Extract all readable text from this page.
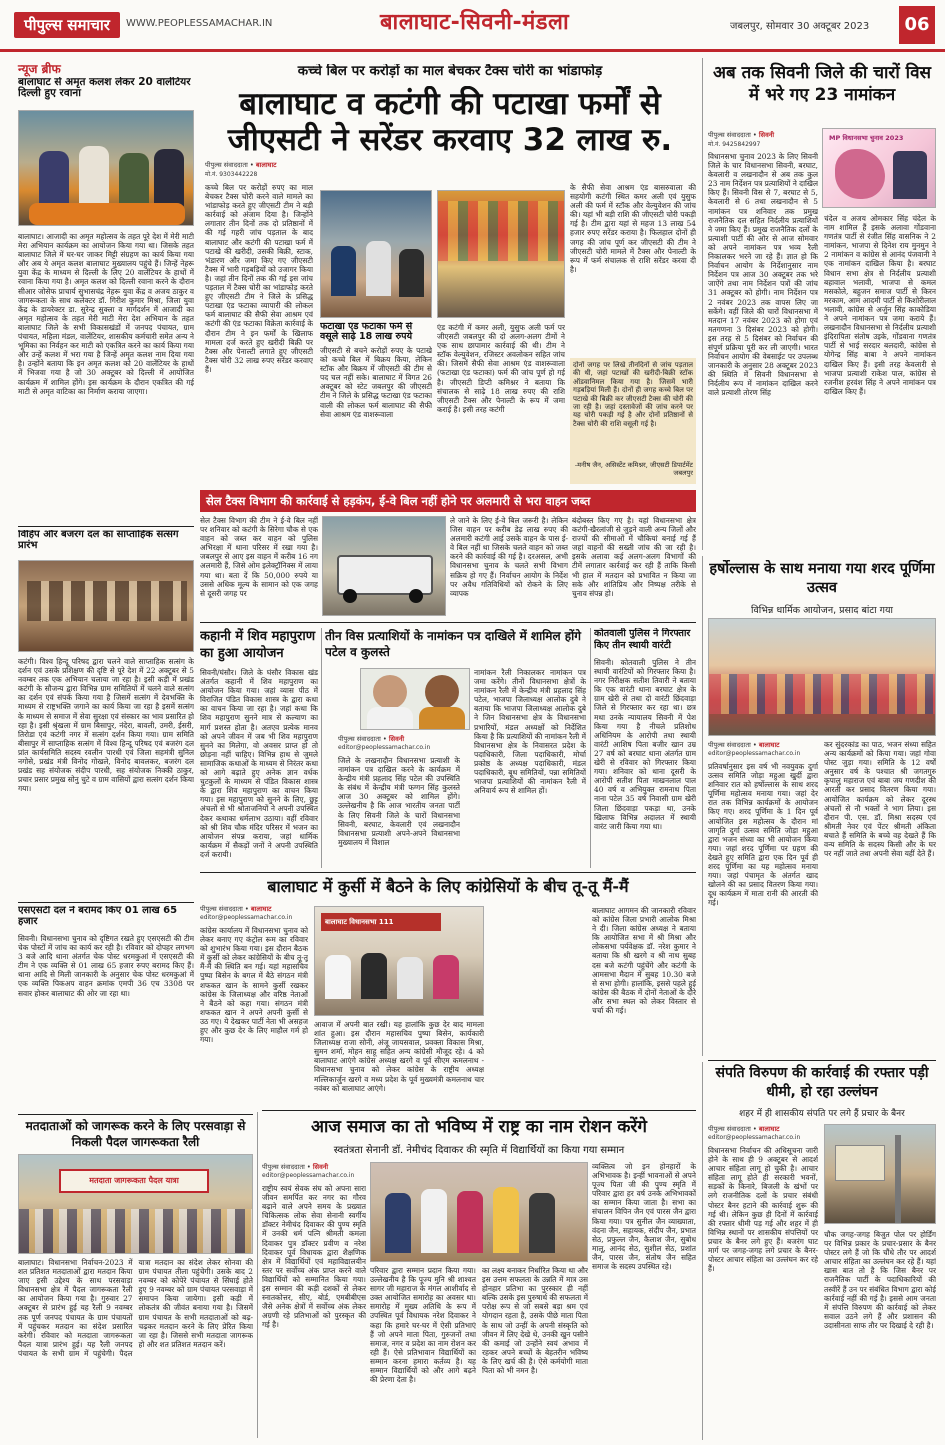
पीपुल्स समाचार	WWW.PEOPLESSAMACHAR.IN	बालाघाट-सिवनी-मंडला	जबलपुर, सोमवार 30 अक्टूबर 2023	06
न्यूज ब्रीफ
बालाघाट से अमृत कलश लेकर 20 वालेंटियर दिल्ली हुए रवाना
बालाघाट। आजादी का अमृत महोत्सव के तहत पूरे देश में मेरी माटी मेरा अभियान कार्यक्रम का आयोजन किया गया था। जिसके तहत बालाघाट जिले में घर-घर जाकर मिट्टी संग्रहण का कार्य किया गया और अब ये अमृत कलश बालाघाट मुख्यालय पहुंचे हैं। जिन्हें नेहरू युवा केंद्र के माध्यम से दिल्ली के लिए 20 वालेंटियर के हाथों में रवाना किया गया है। अमृत कलश को दिल्ली रवाना करने के दौरान सीआर जोसेफ प्राचार्य सुभासचंद्र नेहरू युवा केंद्र व अजय ठाकुर व जागरूकता के साथ कलेक्टर डॉ. गिरीश कुमार मिश्रा, जिला युवा केंद्र के डायरेक्टर डा. सुरेन्द्र सुक्ला व मार्गदर्शन में आजादी का अमृत महोत्सव के तहत मेरी माटी मेरा देश अभियान के तहत बालाघाट जिले के सभी विकासखंडों में जनपद पंचायत, ग्राम पंचायत, महिला मंडल, वालेंटियर, शासकीय कर्मचारी समेत अन्य ने भूमिका का निर्वहन कर माटी को एकत्रित करने का कार्य किया गया और उन्हें कलश में भरा गया है जिन्हें अमृत कलश नाम दिया गया है। उन्होंने बताया कि इन अमृत कलश को 20 वालेंटियर के हाथों में भिजवा गया है जो 30 अक्टूबर को दिल्ली में आयोजित कार्यक्रम में शामिल होंगे। इस कार्यक्रम के दौरान एकत्रित की गई माटी से अमृत वाटिका का निर्माण कराया जाएगा।
विहिप और बजरंग दल का साप्ताहिक सत्संग प्रारंभ
कटंगी। विश्व हिन्दू परिषद द्वारा चलने वाले साप्ताहिक सत्संग के दर्शन एवं उसके प्रशिक्षण की दृष्टि से पूरे देश में 22 अक्टूबर से 5 नवम्बर तक एक अभियान चलाया जा रहा है। इसी कड़ी में प्रखंड कटंगी के सौजन्य द्वारा विभिन्न ग्राम समितियों में चलने वाले सत्संग का दर्शन एवं संपर्क किया गया है जिसमें सत्संग में देवभक्ति के माध्यम से राष्ट्रभक्ति जगाने का कार्य किया जा रहा है इसमें सत्संग के माध्यम से समाज में सेवा सुरक्षा एवं संस्कार का भाव प्रसारित हो रहा है। इसी श्रृंखला में ग्राम बिसापुर, नंदेरा, बावली, उमरी, ईसरी, तिरोडा एवं कटंगी नगर में सत्संग दर्शन किया गया। ग्राम समिति बीसापुर में साप्ताहिक सत्संग में विश्व हिन्दू परिषद एवं बजरंग दल प्रांत कार्यसमिति सदस्य रवलीन पारधी एवं जिला सहमंत्री सुनिल नगोसे, प्रखंड मंत्री विनोद गोखले, विनोद बावलकर, बजरंग दल प्रखंड सह संयोजक संदीप पारधी, सह संयोजक निक्की ठाकुर, प्रचार प्रसार प्रमुख सोनु चुटे व ग्राम वासियों द्वारा सत्संग दर्शन किया गया।
एसएसटी दल ने बरामद किए 01 लाख 65 हजार
सिवनी। विधानसभा चुनाव को दृष्टिगत रखते हुए एसएसटी की टीम चेक पोस्टों में जांच का कार्य कर रही है। रविवार को दोपहर लगभग 3 बजे आदि थाना अंतर्गत चेक पोस्ट धरमकुआं में एसएसटी की टीम ने एक व्यक्ति से 01 लाख 65 हजार रुपए बरामद किए हैं। थाना आदि से मिली जानकारी के अनुसार चेक पोस्ट धरमकुआं में एक व्यक्ति पिकअप वाहन क्रमांक एमपी 36 एच 3308 पर सवार होकर बालाघाट की ओर जा रहा था।
कच्चे बिल पर करोड़ों का माल बेचकर टैक्स चोरी का भांडाफोड़
बालाघाट व कटंगी की पटाखा फर्मों से जीएसटी ने सरेंडर करवाए 32 लाख रु.
पीपुल्स संवाददाता • बालाघाट
मो.नं. 9303442228
कच्चे बिल पर करोड़ों रुपए का माल बेचकर टैक्स चोरी करने वाले मामले का भांडाफोड़ करते हुए जीएसटी टीम ने बड़ी कार्रवाई को अंजाम दिया है। जिन्होंने लगातार तीन दिनों तक दो प्रतिष्ठानों में की गई गहरी जांच पड़ताल के बाद बालाघाट और कटंगी की पटाखा फर्म में पटाखे की खरीदी, उसकी बिक्री, स्टाक, भंडारण और जमा किए गए जीएसटी टैक्स में भारी गड़बड़ियों को उजागर किया है। जहां तीन दिनों तक की गई इस जांच पड़ताल में टैक्स चोरी का भांडाफोड़ करते हुए जीएसटी टीम ने जिले के प्रसिद्ध पटाखा एंड फटाका व्यापारी की लोकल फर्म बालाघाट की सैफी सेवा आश्रम एवं कटंगी की एंड फटाका विक्रेता कार्रवाई के दौरान टीम ने इन फर्मों के खिलाफ मामला दर्ज करते हुए खरीदी बिक्री पर टैक्स और पेनाल्टी लगाते हुए जीएसटी टैक्स चोरी 32 लाख रुपए सरेंडर करवाए हैं।
फटाखा एंड फटाका फर्म से वसूले साढ़े 18 लाख रुपये
जीएसटी से बचने करोड़ों रुपए के पटाखे को कच्चे बिल में बिक्रय किया, लेकिन स्टॉक और बिक्रय में जीएसटी की टीम से पद चल नहीं सके। बालाघाट में विगत 26 अक्टूबर को स्टेट जबलपुर की जीएसटी टीम ने जिले के प्रसिद्ध फटाखा एंड फटाका वाली की लोकल फर्म बालाघाट की सैफी सेवा आश्रम एंड वाशरूवाला
एंड कटंगी में कमर अली, युसुफ अली फर्म पर जीएसटी जबलपुर की दो अलग-अलग टीमों ने एक साथ छापामार कार्रवाई की थी। टीम ने स्टॉक वेल्युवेशन, रजिस्टर अवलोकन सहित जांच की। जिसमें सैफी सेवा आश्रम एंड वाशरूवाला (फटाखा एंड फटाका) फर्म की जांच पूर्ण हो गई है। जीएसटी डिप्टी कमिश्नर ने बताया कि संचालक से साढ़े 18 लाख रुपए की राशि जीएसटी टैक्स और पेनाल्टी के रूप में जमा कराई है। इसी तरह कटंगी
के सैफी सेवा आश्रम एंड बासरुवाला की सहयोगी कटंगी स्थित कमर अली एवं युसुफ अली की फर्म में स्टॉक और वेल्युवेशन की जांच की। यहां भी बड़ी राशि की जीएसटी चोरी पकड़ी गई है। टीम द्वारा यहां से महज 13 लाख 54 हजार रुपए सरेंडर कराया है। फिलहाल दोनों ही जगह की जांच पूर्ण कर जीएसटी की टीम ने जीएसटी चोरी मामले में टैक्स और पेनाल्टी के रूप में फर्म संचालक से राशि सरेंडर करवा दी है।
दोनों जगह पर लिखे तीनदिनों से जांच पड़ताल की थी, जहां पटाखों की खरीदी-बिक्री स्टॉक ऑडवानिमल किया गया है। जिसमें भारी गड़बड़ियां मिली हैं। दोनों ही जगह कच्चे बिल पर पटाखे की बिक्री कर जीएसटी टैक्स की चोरी की जा रही है। जहां दस्तावेजों की जांच करने पर यह चोरी पकड़ी गई है और दोनों प्रतिष्ठानों से टैक्स चोरी की राशि वसूली गई है।
-मनीष जैन, असिस्टेंट कमिश्नर, जीएसटी डिपार्टमेंट जबलपुर
अब तक सिवनी जिले की चारों विस में भरे गए 23 नामांकन
पीपुल्स संवाददाता • सिवनी
मो.नं. 9425842997
MP विधानसभा चुनाव 2023
विधानसभा चुनाव 2023 के लिए सिवनी जिले के चार विधानसभा सिवनी, बरघाट, केवलारी व लखनादौन से अब तक कुल 23 नाम निर्देशन पत्र प्रत्याशियों ने दाखिल किए हैं। सिवनी विस से 7, बरघाट से 5, केवलारी से 6 तथा लखनादौन से 5 नामांकन पत्र शनिवार तक प्रमुख राजनैतिक दल सहित निर्दलीय प्रत्याशियों ने जमा किए हैं। प्रमुख राजनैतिक दलों के प्रत्याशी पार्टी की ओर से आज सोमवार को अपने नामांकन पत्र भव्य रैली निकालकर भरने जा रहे हैं। ज्ञात हो कि निर्वाचन आयोग के निर्देशानुसार नाम निर्देशन पत्र आज 30 अक्टूबर तक भरे जाऐंगे तथा नाम निर्देशन पत्रों की जांच 31 अक्टूबर को होगी। नाम निर्देशन पत्र 2 नवंबर 2023 तक वापस लिए जा सकेंगे। वहीं जिले की चारों विधानसभा में मतदान 17 नवंबर 2023 को होगा एवं मतगणना 3 दिसंबर 2023 को होगी। इस तरह से 5 दिसंबर को निर्वाचन की संपूर्ण प्रक्रिया पूरी कर ली जाएगी। भारत निर्वाचन आयोग की वेबसाईट पर उपलब्ध जानकारी के अनुसार 28 अक्टूबर 2023 की स्थिति में सिवनी विधानसभा से निर्दलीय रूप में नामांकन दाखिल करने वाले प्रत्याशी तोरण सिंह
चंदेल व अजय ओमकार सिंह चंदेल के नाम शामिल हैं इसके अलावा गोंडवाना गणतंत्र पार्टी से रंजीत सिंह वासनिक ने 2 नामांकन, भाजपा से दिनेश राय मुनमुन ने 2 नामांकन व कांग्रेस से आनंद पंजवानी ने एक नामांकन दाखिल किया है। बरघाट विधान सभा क्षेत्र से निर्दलीय प्रत्याशी बहावाल भलावी, भाजपा से कमल मसकोले, बहुजन समाज पार्टी से किरन मरकाम, आम आदमी पार्टी से किशोरीलाल भलावी, कांग्रेस से अर्जुन सिंह काकोडिया ने अपने नामांकन पत्र जमा कराये हैं। लखनादौन विधानसभा से निर्दलीय प्रत्याशी इंदिरापिता संतोष उइके, गोंडवाना गणतंत्र पार्टी से भाई सरदार बलदारी, कांग्रेस से योगेन्द्र सिंह बाबा ने अपने नामांकन दाखिल किए हैं। इसी तरह केवलारी से भाजपा प्रत्याशी राकेश पाल, कांग्रेस से रजनीश हरवंश सिंह ने अपने नामांकन पत्र दाखिल किए हैं।
सेल टैक्स विभाग की कार्रवाई से हड़कंप, ई-वे बिल नहीं होने पर अलमारी से भरा वाहन जब्त
सेल टैक्स विभाग की टीम ने ई-वे बिल नहीं पर शनिवार को कटंगी के सिरेगा चौक से एक वाहन को जब्त कर वाहन को पुलिस अभिरक्षा में थाना परिसर में रखा गया है। जबलपुर से आए इस वाहन में करीब 16 नग अलमारी हैं, जिसे ओम इलेक्ट्रॉनिक्स में लाया गया था। बता दें कि 50,000 रुपये या उससे अधिक मूल्य के सामान को एक जगह से दूसरी जगह पर
ले जाने के लिए ई-वे बिल जरूरी है। लेकिन जिस वाहन पर करीब डेढ़ लाख रुपए की अलमारी कटंगी आई उसके वाहन के पास ई-वे बिल नहीं था जिसके चलते वाहन को जब्त करने की कार्रवाई की गई है। दरअसल, अभी विधानसभा चुनाव के चलते सभी विभाग सक्रिय हो गए हैं। निर्वाचन आयोग के निर्देश पर अवैध गतिविधियों को रोकने के लिए व्यापक
बंदोबस्त किए गए है। यहां विधानसभा क्षेत्र कटंगी-खैरलांजी से जुड़ने वाली अन्य जिलों और राज्यों की सीमाओं में चौकियां बनाई गई हैं जहां वाहनों की सख्ती जांच की जा रही है। इसके अलावा कई अलग-अलग विभागों की टीमें लगातार कार्रवाई कर रही हैं ताकि किसी भी हाल में मतदान को प्रभावित न किया जा सके और शांतिप्रिय और निष्पक्ष तरीके से चुनाव संपन्न हो।
कहानी में शिव महापुराण का हुआ आयोजन
सिवनी/घंसौर। जिले के घंसौर विकास खंड अंतर्गत कहानी में शिव महापुराण का आयोजन किया गया। जहां व्यास पीठ में विराजित पंडित विकास शास्त्र के द्वारा कथा का वाचन किया जा रहा है। जहां कथा कि शिव महापुराण सुनने मात्र से कल्याण का मार्ग प्रशस्त होता है। अतएव प्रत्येक मानव को अपने जीवन में जब भी शिव महापुराण सुनने का मिलेगा, वो अवसर प्राप्त हो तो छोड़ना नहीं चाहिए। विभिन्न हाथ से जुमले सामाजिक कथाओं के माध्यम से निरंतर कथा को आगे बढ़ाते हुए अनेक ज्ञान वर्धक चुटकुलों के माध्यम से पंडित विकास शास्त्र के द्वारा शिव महापुराण का वाचन किया गया। इस महापुराण को सुनने के लिए, छुट्ट अंचलों से भी श्रोताजनियों ने अपनी उपस्थित देकर कथाका धर्मलाभ उठाया। वहीं रविवार को श्री शिव चौक मंदिर परिसर में भजन का आयोजन संपन्न कराया, जहां धार्मिक कार्यक्रम में सैकड़ों जनों ने अपनी उपस्थिति दर्ज करायी।
तीन विस प्रत्याशियों के नामांकन पत्र दाखिले में शामिल होंगे पटेल व कुलस्ते
पीपुल्स संवाददाता • सिवनी
editor@peoplessamachar.co.in
जिले के लखनादौन विधानसभा प्रत्याशी के नामांकन पत्र दाखिल करने के कार्यक्रम में केन्द्रीय मंत्री प्रहलाद सिंह पटेल की उपस्थिति के संबंध में केन्द्रीय मंत्री फग्गन सिंह कुलस्ते आज 30 अक्टूबर को शामिल होंगे। उल्लेखनीय है कि आज भारतीय जनता पार्टी के लिए सिवनी जिले के चारों विधानसभा सिवनी, बरघाट, केवलारी एवं लखनादौन विधानसभा प्रत्याशी अपने-अपने विधानसभा मुख्यालय में विशाल
नामांकन रैली निकालकर नामांकन पत्र जमा करेंगे। तीनों विधानसभा क्षेत्रों के नामांकन रैली में केन्द्रीय मंत्री प्रहलाद सिंह पटेल, भाजपा जिलाध्यक्ष आलोक दुबे ने बताया कि भाजपा जिलाध्यक्ष आलोक दुबे ने जिन विधानसभा क्षेत्र के विधानसभा प्रभारियों, मंडल अध्यक्षों को निर्देशित किया है कि प्रत्याशियों की नामांकन रैली में विधानसभा क्षेत्र के निवासरत प्रदेश के पदाधिकारी, जिला पदाधिकारी, मोर्चा प्रकोष्ठ के अध्यक्ष पदाधिकारी, मंडल पदाधिकारी, बूथ समितियों, पन्ना समितियों भाजपा प्रत्याशियों की नामांकन रैली में अनिवार्य रूप से शामिल हों।
कोतवाली पुलिस ने गिरफ्तार किए तीन स्थायी वारंटी
सिवनी। कोतवाली पुलिस ने तीन स्थायी वारंटियों को गिरफ्तार किया है। नगर निरीक्षक सतीश तिवारी ने बताया कि एक वारंटी थाना बरघाट क्षेत्र के ग्राम खेरी से तथा दो वारंटी छिंदवाड़ा जिले से गिरफ्तार कर रहा था। छत्र मथा उनके न्यायालय सिवनी में पेश किया गया है नीचले प्रतिशोध अधिनियम के आरोपी तथा स्थायी वारंटी आशिष पिता बजीर खान उम्र 27 वर्ष को बरघाट थाना अंतर्गत ग्राम खेरी से रविवार को गिरफ्तार किया गया। शनिवार को थाना दूसरी के आरोपी सतीश पिता माखनलाल पाल 40 वर्ष व अभियुक्त रामनाथ पिता नाना पटेल 35 वर्ष निवासी ग्राम खेरी जिला छिंदवाड़ा पकड़ा था, उनके खिलाफ विभिन्न अदालत में स्थायी वारंट जारी किया गया था।
हर्षोल्लास के साथ मनाया गया शरद पूर्णिमा उत्सव
विभिन्न धार्मिक आयोजन, प्रसाद बांटा गया
पीपुल्स संवाददाता • बालाघाट
editor@peoplessamachar.co.in
प्रतिवर्षानुसार इस वर्ष भी नवयुवक दुर्गा उत्सव समिति जोड़ा महुआ खुर्दी द्वारा शनिवार रात को हर्षोल्लास के साथ शरद पूर्णिमा महोत्सव मनाया गया। जहां देर रात तक विभिन्न कार्यक्रमों के आयोजन किए गए। शरद पूर्णिमा के 1 दिन पूर्व आयोजित इस महोत्सव के दौरान मां जागृति दुर्गा उत्सव समिति जोड़ा महुआ द्वारा भजन संध्या का भी आयोजन किया गया। जहां शरद पूर्णिमा पर ग्रहण की देखते हुए समिति द्वारा एक दिन पूर्व ही शरद पूर्णिमा का यह महोत्सव मनाया गया। जहां पंचामृत के अंतर्गत खाद खोलने की का प्रसाद वितरण किया गया। दूध कार्यक्रम में माता रानी की आरती की गई।
कर सुंदरकांड का पाठ, भजन संध्या सहित अन्य कार्यक्रमों को किया गया। जहां गोवा पोस्ट जुड़ा गया। समिति के 12 वर्षों अनुसार वर्ष के पश्चात श्री जगतगुरु कृपालु महाराज एवं बाबा जय गणदीश की आरती कर प्रसाद वितरण किया गया। आयोजित कार्यक्रम को लेकर दूरस्थ अंचलों से नौ भक्तों ने भाग लिया। इस दौरान पी. एस. डॉ. मिश्रा सदस्य एवं श्रीमती नेवर एवं पेंटर श्रीमती अंकिता बचाते हैं समिति के बच्चे वह देखते हैं कि वन्य समिति के सदस्य किसी और के घर पर नहीं जाते तथा अपनी सेवा यहीं देते हैं।
बालाघाट में कुर्सी में बैठने के लिए कांग्रेसियों के बीच तू-तू मैं-मैं
पीपुल्स संवाददाता • बालाघाट
editor@peoplessamachar.co.in
कांग्रेस कार्यालय में विधानसभा चुनाव को लेकर बनाए गए कंट्रोल रूम का रविवार को शुभारंभ किया गया। इस दौरान बैठक में कुर्सी को लेकर कांग्रेसियों के बीच तू-तू मैं-मैं की स्थिति बन गई। यहां महासचिव पुष्पा बिसेन के बगल में बैठे संगठन मंत्री शफकत खान के सामने कुर्सी रखकर कांग्रेस के जिलाध्यक्ष और वरिष्ठ नेताओं ने बैठने को कहा गया। संगठन मंत्री शफकत खान ने अपने अपनी कुर्सी से उठ गए। ये देखकर पार्टी नेता भी असहज हुए और कुछ देर के लिए माहौल गर्म हो गया।
बालाघाट विधानसभा 111
आवाज में अपनी बात रखी। यह हालांकि कुछ देर बाद मामला शांत हुआ। इस दौरान महासचिव पुष्पा बिसेन, कार्यकारी जिलाध्यक्ष राजा सोनी, अंजू जायसवाल, प्रवक्ता विकास मिश्रा, सुमन शर्मा, मोहन साहू सहित अन्य कांग्रेसी मौजूद रहे। 4 को बालाघाट आएंगे कांग्रेस अध्यक्ष खरगे व पूर्व सीएम कमलनाथ - विधानसभा चुनाव को लेकर कांग्रेस के राष्ट्रीय अध्यक्ष मल्लिकार्जुन खरगे व मध्य प्रदेश के पूर्व मुख्यमंत्री कमलनाथ चार नवंबर को बालाघाट आएंगे।
बालाघाट आगमन की जानकारी रविवार को कांग्रेस जिला प्रभारी आलोक मिश्रा ने दी। जिला कांग्रेस अध्यक्ष ने बताया कि आयोजित सभा में श्री मिश्रा और लोकसभा पर्यवेक्षक डॉ. नरेश कुमार ने बताया कि श्री खरगे व श्री नाथ सुबह दस बजे कटंगी पहुंचेंगे और कटंगी के आमसभा मैदान में सुबह 10.30 बजे से सभा होगी। हालांकि, इससे पहले हुई कांग्रेस की बैठक में दोनों नेताओं के दौरे और सभा स्थल को लेकर विस्तार से चर्चा की गई।
संपति विरुपण की कार्रवाई की रफ्तार पड़ी धीमी, हो रहा उल्लंघन
शहर में ही शासकीय संपति पर लगे हैं प्रचार के बैनर
पीपुल्स संवाददाता • बालाघाट
editor@peoplessamachar.co.in
विधानसभा निर्वाचन की अधिसूचना जारी होने के साथ ही 9 अक्टूबर से आदर्श आचार संहिता लागू हो चुकी है। आचार संहिता लागू होते ही सरकारी भवनों, सड़कों के किनारे, बिजली के खंभों पर लगे राजनीतिक दलों के प्रचार संबंधी पोस्टर बैनर हटाने की कार्रवाई शुरू की गई थी। लेकिन कुछ ही दिनों में कार्रवाई की रफ्तार धीमी पड़ गई और शहर में ही विभिन्न स्थानों पर शासकीय संपत्तियों पर प्रचार के बैनर लगे हुए हैं। बजरंग घाट मार्ग पर जगह-जगह लगे प्रचार के बैनर-पोस्टर आचार संहिता का उल्लंघन कर रहे हैं।
चौक जगह-जगह बिजुत पोल पर होर्डिंग पर विभिन्न प्रकार के प्रचार-प्रसार के बैनर पोस्टर लगे हैं जो कि चौंधे तौर पर आदर्श आचार संहिता का उल्लंघन कर रहे हैं। यहां खास बात तो है कि जिस बैनर पर राजनैतिक पार्टी के पदाधिकारियों की तस्वीरें हैं उन पर संबंधित विभाग द्वारा कोई कार्रवाई नहीं की गई है। इससे आम जनता में संपत्ति विरुपण की कार्रवाई को लेकर सवाल उठने लगे हैं और प्रशासन की उदासीनता साफ तौर पर दिखाई दे रही है।
मतदाताओं को जागरूक करने के लिए परसवाड़ा से निकली पैदल जागरूकता रैली
मतदाता जागरूकता पैदल यात्रा
बालाघाट। विधानसभा निर्वाचन-2023 में शत प्रतिशत मतदाताओं द्वारा मतदान किया जाए इसी उद्देश्य के साथ परसवाड़ा विधानसभा क्षेत्र में पैदल जागरूकता रैली का आयोजन किया गया है। गुरुवार 27 अक्टूबर से प्रारंभ हुई यह रैली 9 नवम्बर तक पूर्ण जनपद पंचायत के ग्राम पंचायतों में पहुंचकर मतदान का संदेश प्रसारित करेगी। रविवार को मतदाता जागरूकता पैदल यात्रा प्रारंभ हुई। यह रैली जनपद पंचायत के सभी ग्राम में पहुंचेगी। पैदल यात्रा मतदान का संदेश लेकर सोनवा की ग्राम पंचायत तीला पहुंचेगी। उसके बाद 2 नवम्बर को कोपेरे पंचायत से सिंघाई होते हुए 9 नवम्बर को ग्राम पंचायत परसवाड़ा में समापन किया जायेगा। इसी कड़ी में लोकतंत्र की जीवंत बनाया गया है। जिसमें ग्राम पंचायत के सभी मतदाताओं को बढ़-चढ़कर मतदान करने के लिए प्रेरित किया जा रहा है। जिससे सभी मतदाता जागरूक हो और शत प्रतिशत मतदान करें।
आज समाज का तो भविष्य में राष्ट्र का नाम रोशन करेंगे
स्वतंत्रता सेनानी डॉ. नेमीचंद दिवाकर की स्मृति में विद्यार्थियों का किया गया सम्मान
पीपुल्स संवाददाता • सिवनी
editor@peoplessamachar.co.in
राष्ट्रीय स्वयं सेवक संघ को अपना सारा जीवन समर्पित कर नगर का गौरव बढ़ाने वाले अपने समय के प्रख्यात चिकित्सक लोक सेवा सेनानी स्वर्गीय डॉक्टर नेमीचंद दिवाकर की पुण्य स्मृति में उनकी धर्म पत्नि श्रीमती कमला दिवाकर पुत्र डॉक्टर प्रवीण व नरेश दिवाकर पूर्व विधायक द्वारा शैक्षणिक क्षेत्र में विद्यार्थियों एवं महाविद्यालयीन स्तर पर सर्वोच्च अंक प्राप्त करने वाले विद्यार्थियों को सम्मानित किया गया। इस सम्मान की कड़ी दशकों से लेकर स्नातकोत्तर, सीए, बोर्ड, एमबीबीएस जैसे अनेक क्षेत्रों में सर्वोच्च अंक लेकर अग्रणी रहे प्रतिभाओं को पुरस्कृत की गई है।
परिवार द्वारा सम्मान प्रदान किया गया। उल्लेखनीय है कि पूज्य मुनि श्री शाश्वत सागर जी महाराज के मंगल आशीर्वाद से उक्त आयोजित समारोह का अवसर था। समारोह में मुख्य अतिथि के रूप में उपस्थित पूर्व विधायक नरेश दिवाकर ने कहा कि हमारे घर-घर में ऐसी प्रतिभाएं हैं जो अपने माता पिता, गुरुजनों तथा समाज, नगर व प्रदेश का नाम रोशन कर रही हैं। ऐसे प्रतिभावान विद्यार्थियों का सम्मान करना हमारा कर्तव्य है। यह सम्मान विद्यार्थियों को और आगे बढ़ने की प्रेरणा देता है।
का लक्ष्य बनाकर निर्धारित किया था और इस उत्तम सफलता के उन्नति में मात्र उस होनहार प्रतिभा का पुरस्कार ही नहीं बल्कि उसके इस पुरुषार्थ की सफलता में परोक्ष रूप से जो सबसे बड़ा श्रम एवं योगदान रहता है, उसके पीछे माता पिता के साथ जो उन्हीं के अपनी संस्कृति को जीवन में लिए देखे थे, उनकी खुन पसीने की कमाई जो उन्होंने स्वयं अभाव में रहकर अपने बच्चों के बेहतरीन भविष्य के लिए खर्च की है। ऐसे कर्मयोगी माता पिता को भी नमन है।
व्यक्तित्व जो इन होनहारों के अभिभावक है। इन्हीं भावनाओं से अपने पूज्य पिता जी की पुण्य स्मृति में परिवार द्वारा हर वर्ष उनके अभिभावकों का सम्मान किया जाता है। सभा का संचालन विपिन जैन एवं पारस जैन द्वारा किया गया। पत्र सुनील जैन व्याख्याता, वंदना जैन, सहायक, संदीप जैन, प्रभात सेठ, प्रफुल्ल जैन, कैलाश जैन, सुबोध मालू, आनंद सेठ, सुशील सेठ, प्रशांत जैन, पारस जैन, संतोष जैन सहित समाज के सदस्य उपस्थित रहे।
